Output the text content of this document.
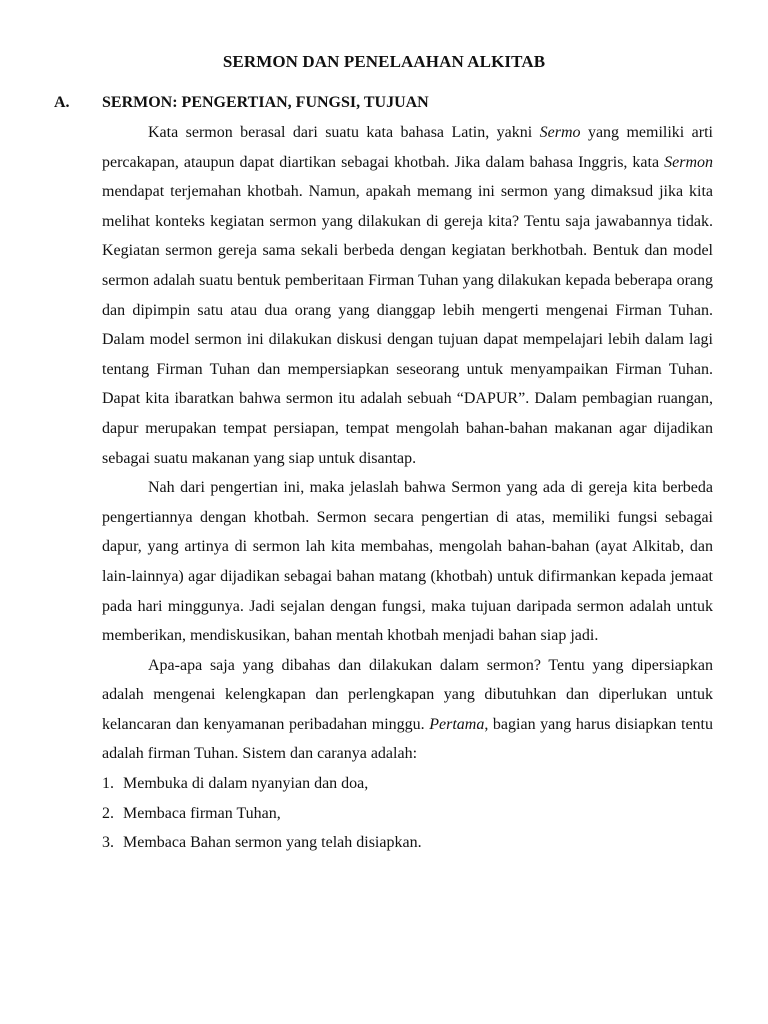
SERMON DAN PENELAAHAN ALKITAB
A. SERMON: PENGERTIAN, FUNGSI, TUJUAN

Kata sermon berasal dari suatu kata bahasa Latin, yakni Sermo yang memiliki arti percakapan, ataupun dapat diartikan sebagai khotbah. Jika dalam bahasa Inggris, kata Sermon mendapat terjemahan khotbah. Namun, apakah memang ini sermon yang dimaksud jika kita melihat konteks kegiatan sermon yang dilakukan di gereja kita? Tentu saja jawabannya tidak. Kegiatan sermon gereja sama sekali berbeda dengan kegiatan berkhotbah. Bentuk dan model sermon adalah suatu bentuk pemberitaan Firman Tuhan yang dilakukan kepada beberapa orang dan dipimpin satu atau dua orang yang dianggap lebih mengerti mengenai Firman Tuhan. Dalam model sermon ini dilakukan diskusi dengan tujuan dapat mempelajari lebih dalam lagi tentang Firman Tuhan dan mempersiapkan seseorang untuk menyampaikan Firman Tuhan. Dapat kita ibaratkan bahwa sermon itu adalah sebuah “DAPUR”. Dalam pembagian ruangan, dapur merupakan tempat persiapan, tempat mengolah bahan-bahan makanan agar dijadikan sebagai suatu makanan yang siap untuk disantap.

Nah dari pengertian ini, maka jelaslah bahwa Sermon yang ada di gereja kita berbeda pengertiannya dengan khotbah. Sermon secara pengertian di atas, memiliki fungsi sebagai dapur, yang artinya di sermon lah kita membahas, mengolah bahan-bahan (ayat Alkitab, dan lain-lainnya) agar dijadikan sebagai bahan matang (khotbah) untuk difirmankan kepada jemaat pada hari minggunya. Jadi sejalan dengan fungsi, maka tujuan daripada sermon adalah untuk memberikan, mendiskusikan, bahan mentah khotbah menjadi bahan siap jadi.

Apa-apa saja yang dibahas dan dilakukan dalam sermon? Tentu yang dipersiapkan adalah mengenai kelengkapan dan perlengkapan yang dibutuhkan dan diperlukan untuk kelancaran dan kenyamanan peribadahan minggu. Pertama, bagian yang harus disiapkan tentu adalah firman Tuhan. Sistem dan caranya adalah:

1. Membuka di dalam nyanyian dan doa,
2. Membaca firman Tuhan,
3. Membaca Bahan sermon yang telah disiapkan.
